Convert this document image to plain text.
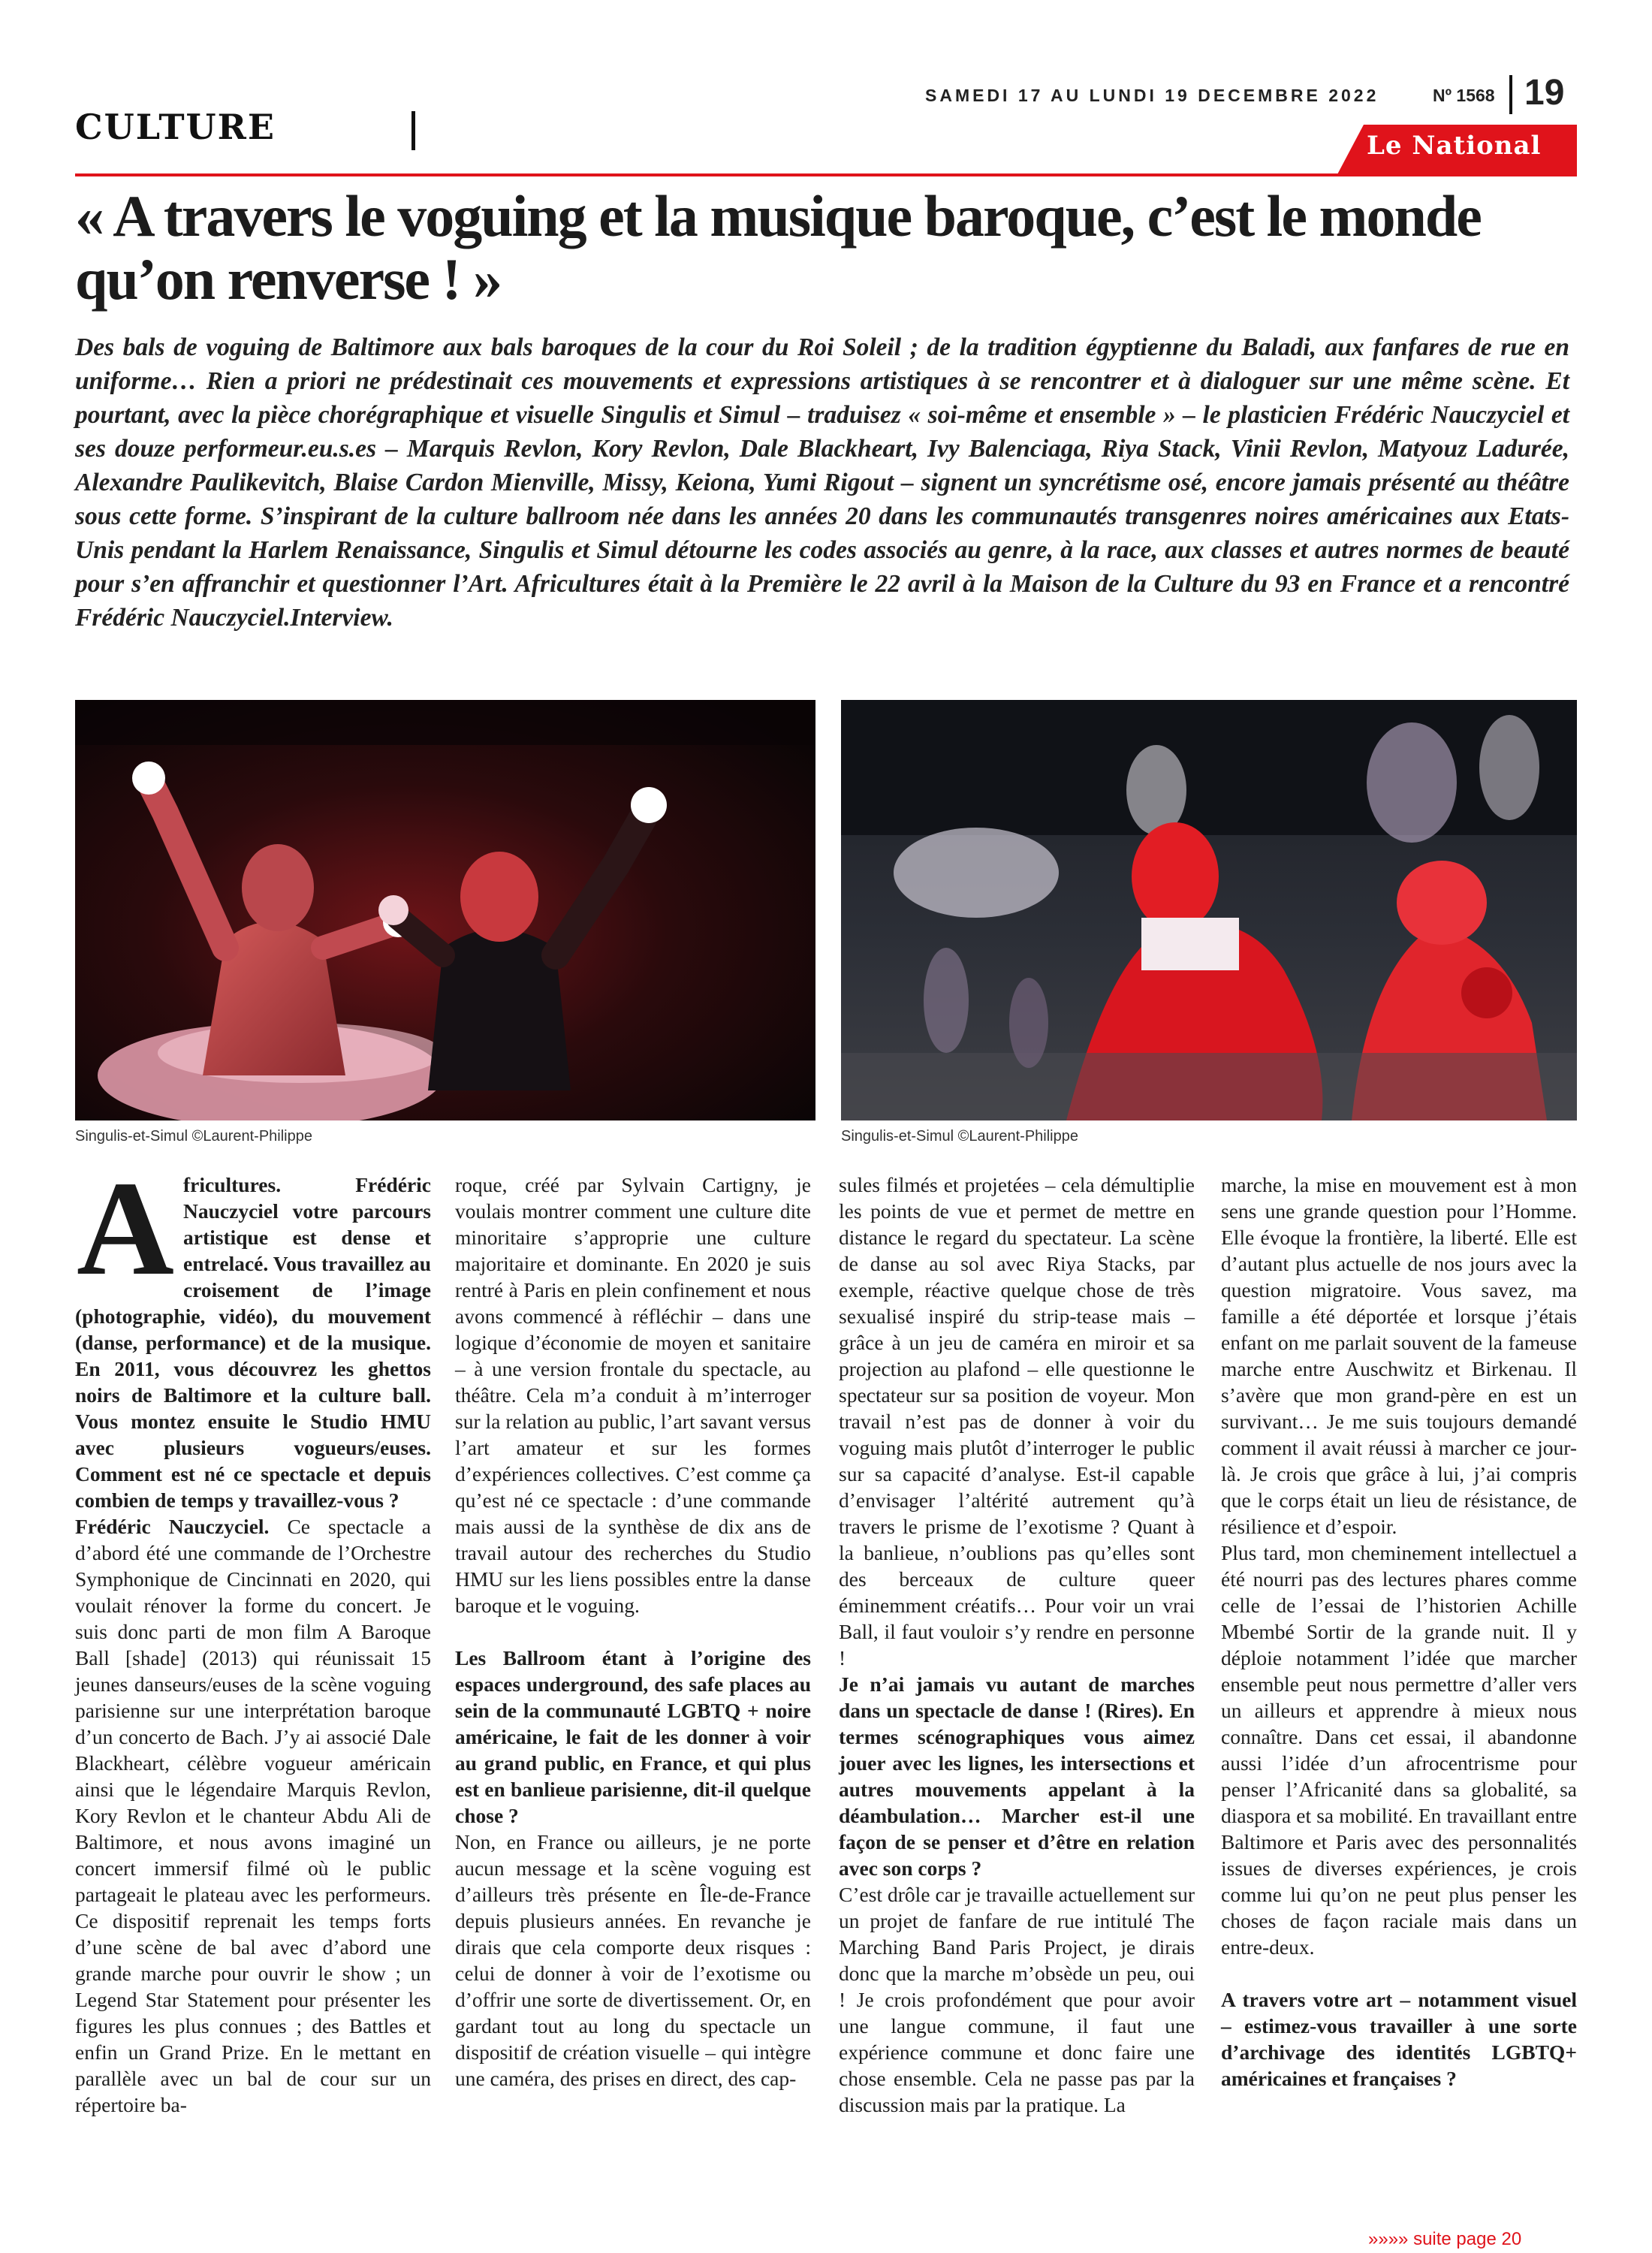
CULTURE
SAMEDI 17 AU LUNDI 19 DECEMBRE 2022	Nº 1568 19
Le National
« A travers le voguing et la musique baroque, c’est le monde qu’on renverse ! »

Des bals de voguing de Baltimore aux bals baroques de la cour du Roi Soleil ; de la tradition égyptienne du Baladi, aux fanfares de rue en uniforme… Rien a priori ne prédestinait ces mouvements et expressions artistiques à se rencontrer et à dialoguer sur une même scène. Et pourtant, avec la pièce chorégraphique et visuelle Singulis et Simul – traduisez « soi-même et ensemble » – le plasticien Frédéric Nauczyciel et ses douze performeur.eu.s.es – Marquis Revlon, Kory Revlon, Dale Blackheart, Ivy Balenciaga, Riya Stack, Vinii Revlon, Matyouz Ladurée, Alexandre Paulikevitch, Blaise Cardon Mienville, Missy, Keiona, Yumi Rigout – signent un syncrétisme osé, encore jamais présenté au théâtre sous cette forme. S’inspirant de la culture ballroom née dans les années 20 dans les communautés transgenres noires américaines aux Etats-Unis pendant la Harlem Renaissance, Singulis et Simul détourne les codes associés au genre, à la race, aux classes et autres normes de beauté pour s’en affranchir et questionner l’Art. Africultures était à la Première le 22 avril à la Maison de la Culture du 93 en France et a rencontré Frédéric Nauczyciel.Interview.

Singulis-et-Simul ©Laurent-Philippe	Singulis-et-Simul ©Laurent-Philippe

A fricultures. Frédéric Nauczyciel votre parcours artistique est dense et entrelacé. Vous travaillez au croisement de l’image (photographie, vidéo), du mouvement (danse, performance) et de la musique. En 2011, vous découvrez les ghettos noirs de Baltimore et la culture ball. Vous montez ensuite le Studio HMU avec plusieurs vogueurs/euses. Comment est né ce spectacle et depuis combien de temps y travaillez-vous ?

Frédéric Nauczyciel. Ce spectacle a d’abord été une commande de l’Orchestre Symphonique de Cincinnati en 2020, qui voulait rénover la forme du concert. Je suis donc parti de mon film A Baroque Ball [shade] (2013) qui réunissait 15 jeunes danseurs/euses de la scène voguing parisienne sur une interprétation baroque d’un concerto de Bach. J’y ai associé Dale Blackheart, célèbre vogueur américain ainsi que le légendaire Marquis Revlon, Kory Revlon et le chanteur Abdu Ali de Baltimore, et nous avons imaginé un concert immersif filmé où le public partageait le plateau avec les performeurs. Ce dispositif reprenait les temps forts d’une scène de bal avec d’abord une grande marche pour ouvrir le show ; un Legend Star Statement pour présenter les figures les plus connues ; des Battles et enfin un Grand Prize. En le mettant en parallèle avec un bal de cour sur un répertoire ba-

roque, créé par Sylvain Cartigny, je voulais montrer comment une culture dite minoritaire s’approprie une culture majoritaire et dominante. En 2020 je suis rentré à Paris en plein confinement et nous avons commencé à réfléchir – dans une logique d’économie de moyen et sanitaire – à une version frontale du spectacle, au théâtre. Cela m’a conduit à m’interroger sur la relation au public, l’art savant versus l’art amateur et sur les formes d’expériences collectives. C’est comme ça qu’est né ce spectacle : d’une commande mais aussi de la synthèse de dix ans de travail autour des recherches du Studio HMU sur les liens possibles entre la danse baroque et le voguing.

Les Ballroom étant à l’origine des espaces underground, des safe places au sein de la communauté LGBTQ + noire américaine, le fait de les donner à voir au grand public, en France, et qui plus est en banlieue parisienne, dit-il quelque chose ?

Non, en France ou ailleurs, je ne porte aucun message et la scène voguing est d’ailleurs très présente en Île-de-France depuis plusieurs années. En revanche je dirais que cela comporte deux risques : celui de donner à voir de l’exotisme ou d’offrir une sorte de divertissement. Or, en gardant tout au long du spectacle un dispositif de création visuelle – qui intègre une caméra, des prises en direct, des cap-

sules filmés et projetées – cela démultiplie les points de vue et permet de mettre en distance le regard du spectateur. La scène de danse au sol avec Riya Stacks, par exemple, réactive quelque chose de très sexualisé inspiré du strip-tease mais – grâce à un jeu de caméra en miroir et sa projection au plafond – elle questionne le spectateur sur sa position de voyeur. Mon travail n’est pas de donner à voir du voguing mais plutôt d’interroger le public sur sa capacité d’analyse. Est-il capable d’envisager l’altérité autrement qu’à travers le prisme de l’exotisme ? Quant à la banlieue, n’oublions pas qu’elles sont des berceaux de culture queer éminemment créatifs… Pour voir un vrai Ball, il faut vouloir s’y rendre en personne !

Je n’ai jamais vu autant de marches dans un spectacle de danse ! (Rires). En termes scénographiques vous aimez jouer avec les lignes, les intersections et autres mouvements appelant à la déambulation… Marcher est-il une façon de se penser et d’être en relation avec son corps ?

C’est drôle car je travaille actuellement sur un projet de fanfare de rue intitulé The Marching Band Paris Project, je dirais donc que la marche m’obsède un peu, oui ! Je crois profondément que pour avoir une langue commune, il faut une expérience commune et donc faire une chose ensemble. Cela ne passe pas par la discussion mais par la pratique. La

marche, la mise en mouvement est à mon sens une grande question pour l’Homme. Elle évoque la frontière, la liberté. Elle est d’autant plus actuelle de nos jours avec la question migratoire. Vous savez, ma famille a été déportée et lorsque j’étais enfant on me parlait souvent de la fameuse marche entre Auschwitz et Birkenau. Il s’avère que mon grand-père en est un survivant… Je me suis toujours demandé comment il avait réussi à marcher ce jour-là. Je crois que grâce à lui, j’ai compris que le corps était un lieu de résistance, de résilience et d’espoir.

Plus tard, mon cheminement intellectuel a été nourri pas des lectures phares comme celle de l’essai de l’historien Achille Mbembé Sortir de la grande nuit. Il y déploie notamment l’idée que marcher ensemble peut nous permettre d’aller vers un ailleurs et apprendre à mieux nous connaître. Dans cet essai, il abandonne aussi l’idée d’un afrocentrisme pour penser l’Africanité dans sa globalité, sa diaspora et sa mobilité. En travaillant entre Baltimore et Paris avec des personnalités issues de diverses expériences, je crois comme lui qu’on ne peut plus penser les choses de façon raciale mais dans un entre-deux.

A travers votre art – notamment visuel – estimez-vous travailler à une sorte d’archivage des identités LGBTQ+ américaines et françaises ?

»»»» suite page 20
